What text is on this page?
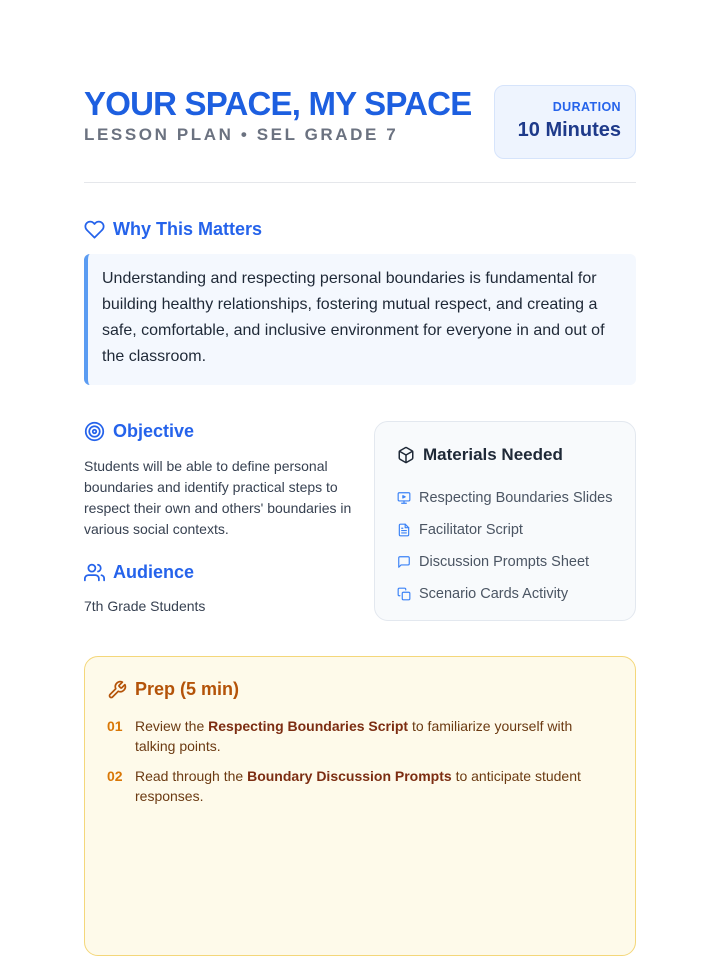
YOUR SPACE, MY SPACE
LESSON PLAN • SEL GRADE 7
DURATION
10 Minutes
Why This Matters

Understanding and respecting personal boundaries is fundamental for building healthy relationships, fostering mutual respect, and creating a safe, comfortable, and inclusive environment for everyone in and out of the classroom.

Objective

Students will be able to define personal boundaries and identify practical steps to respect their own and others' boundaries in various social contexts.

Audience
7th Grade Students
Materials Needed
Respecting Boundaries Slides
Facilitator Script
Discussion Prompts Sheet
Scenario Cards Activity
Prep (5 min)
01 Review the Respecting Boundaries Script to familiarize yourself with talking points.
02 Read through the Boundary Discussion Prompts to anticipate student responses.
